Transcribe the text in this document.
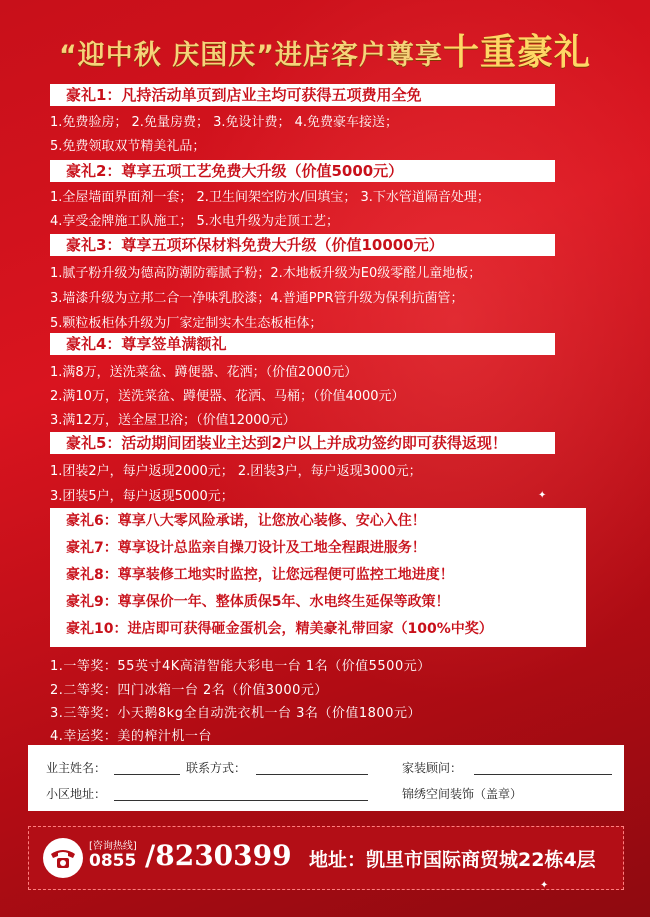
“迎中秋 庆国庆”进店客户尊享十重豪礼
豪礼1：凡持活动单页到店业主均可获得五项费用全免
1.免费验房； 2.免量房费； 3.免设计费； 4.免费豪车接送；
5.免费领取双节精美礼品；
豪礼2：尊享五项工艺免费大升级（价值5000元）
1.全屋墙面界面剂一套； 2.卫生间架空防水/回填宝； 3.下水管道隔音处理；
4.享受金牌施工队施工； 5.水电升级为走顶工艺；
豪礼3：尊享五项环保材料免费大升级（价值10000元）
1.腻子粉升级为德高防潮防霉腻子粉；2.木地板升级为E0级零醛儿童地板；
3.墙漆升级为立邦二合一净味乳胶漆；4.普通PPR管升级为保利抗菌管；
5.颗粒板柜体升级为厂家定制实木生态板柜体；
豪礼4：尊享签单满额礼
1.满8万，送洗菜盆、蹲便器、花洒；（价值2000元）
2.满10万，送洗菜盆、蹲便器、花洒、马桶；（价值4000元）
3.满12万，送全屋卫浴；（价值12000元）
豪礼5：活动期间团装业主达到2户以上并成功签约即可获得返现！
1.团装2户，每户返现2000元； 2.团装3户，每户返现3000元；
3.团装5户，每户返现5000元；
豪礼6：尊享八大零风险承诺，让您放心装修、安心入住！
豪礼7：尊享设计总监亲自操刀设计及工地全程跟进服务！
豪礼8：尊享装修工地实时监控，让您远程便可监控工地进度！
豪礼9：尊享保价一年、整体质保5年、水电终生延保等政策！
豪礼10：进店即可获得砸金蛋机会，精美豪礼带回家（100%中奖）
1.一等奖：55英寸4K高清智能大彩电一台 1名（价值5500元）
2.二等奖：四门冰箱一台 2名（价值3000元）
3.三等奖：小天鹅8kg全自动洗衣机一台 3名（价值1800元）
4.幸运奖：美的榨汁机一台
业主姓名：	联系方式：	家装顾问：
小区地址：	锦绣空间装饰（盖章）
[咨询热线]
0855 /8230399 地址：凯里市国际商贸城22栋4层
✦
✦
